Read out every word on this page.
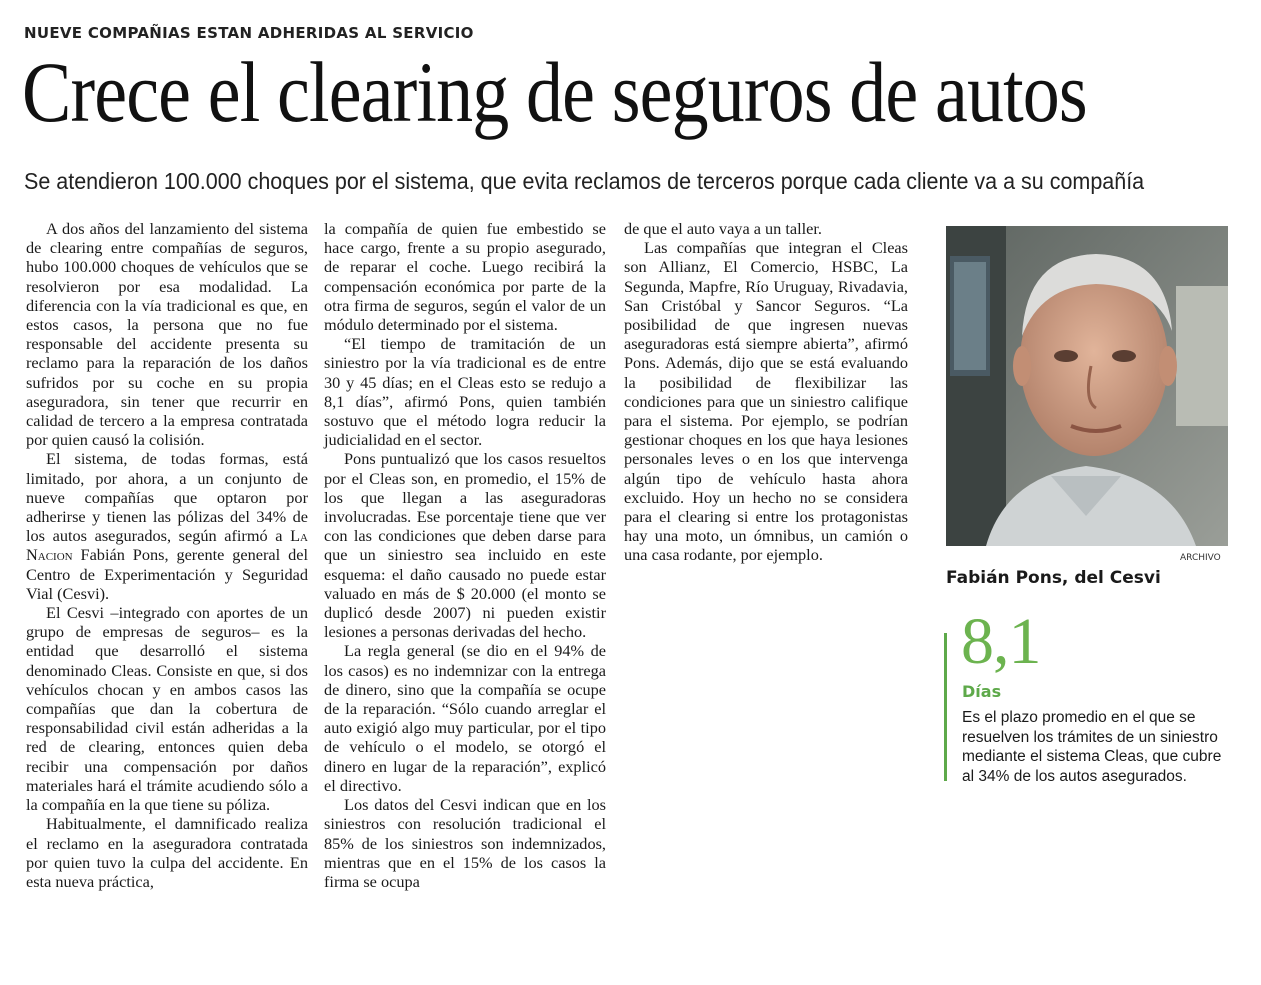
NUEVE COMPAÑIAS ESTAN ADHERIDAS AL SERVICIO
Crece el clearing de seguros de autos
Se atendieron 100.000 choques por el sistema, que evita reclamos de terceros porque cada cliente va a su compañía

A dos años del lanzamiento del sistema de clearing entre compañías de seguros, hubo 100.000 choques de vehículos que se resolvieron por esa modalidad. La diferencia con la vía tradicional es que, en estos casos, la persona que no fue responsable del accidente presenta su reclamo para la reparación de los daños sufridos por su coche en su propia aseguradora, sin tener que recurrir en calidad de tercero a la empresa contratada por quien causó la colisión.

El sistema, de todas formas, está limitado, por ahora, a un conjunto de nueve compañías que optaron por adherirse y tienen las pólizas del 34% de los autos asegurados, según afirmó a La Nacion Fabián Pons, gerente general del Centro de Experimentación y Seguridad Vial (Cesvi).

El Cesvi –integrado con aportes de un grupo de empresas de seguros– es la entidad que desarrolló el sistema denominado Cleas. Consiste en que, si dos vehículos chocan y en ambos casos las compañías que dan la cobertura de responsabilidad civil están adheridas a la red de clearing, entonces quien deba recibir una compensación por daños materiales hará el trámite acudiendo sólo a la compañía en la que tiene su póliza.

Habitualmente, el damnificado realiza el reclamo en la aseguradora contratada por quien tuvo la culpa del accidente. En esta nueva práctica,

la compañía de quien fue embestido se hace cargo, frente a su propio asegurado, de reparar el coche. Luego recibirá la compensación económica por parte de la otra firma de seguros, según el valor de un módulo determinado por el sistema.

“El tiempo de tramitación de un siniestro por la vía tradicional es de entre 30 y 45 días; en el Cleas esto se redujo a 8,1 días”, afirmó Pons, quien también sostuvo que el método logra reducir la judicialidad en el sector.

Pons puntualizó que los casos resueltos por el Cleas son, en promedio, el 15% de los que llegan a las aseguradoras involucradas. Ese porcentaje tiene que ver con las condiciones que deben darse para que un siniestro sea incluido en este esquema: el daño causado no puede estar valuado en más de $ 20.000 (el monto se duplicó desde 2007) ni pueden existir lesiones a personas derivadas del hecho.

La regla general (se dio en el 94% de los casos) es no indemnizar con la entrega de dinero, sino que la compañía se ocupe de la reparación. “Sólo cuando arreglar el auto exigió algo muy particular, por el tipo de vehículo o el modelo, se otorgó el dinero en lugar de la reparación”, explicó el directivo.

Los datos del Cesvi indican que en los siniestros con resolución tradicional el 85% de los siniestros son indemnizados, mientras que en el 15% de los casos la firma se ocupa

de que el auto vaya a un taller.

Las compañías que integran el Cleas son Allianz, El Comercio, HSBC, La Segunda, Mapfre, Río Uruguay, Rivadavia, San Cristóbal y Sancor Seguros. “La posibilidad de que ingresen nuevas aseguradoras está siempre abierta”, afirmó Pons. Además, dijo que se está evaluando la posibilidad de flexibilizar las condiciones para que un siniestro califique para el sistema. Por ejemplo, se podrían gestionar choques en los que haya lesiones personales leves o en los que intervenga algún tipo de vehículo hasta ahora excluido. Hoy un hecho no se considera para el clearing si entre los protagonistas hay una moto, un ómnibus, un camión o una casa rodante, por ejemplo.	ARCHIVO
Fabián Pons, del Cesvi
8,1
Días
Es el plazo promedio en el que se resuelven los trámites de un siniestro mediante el sistema Cleas, que cubre al 34% de los autos asegurados.
